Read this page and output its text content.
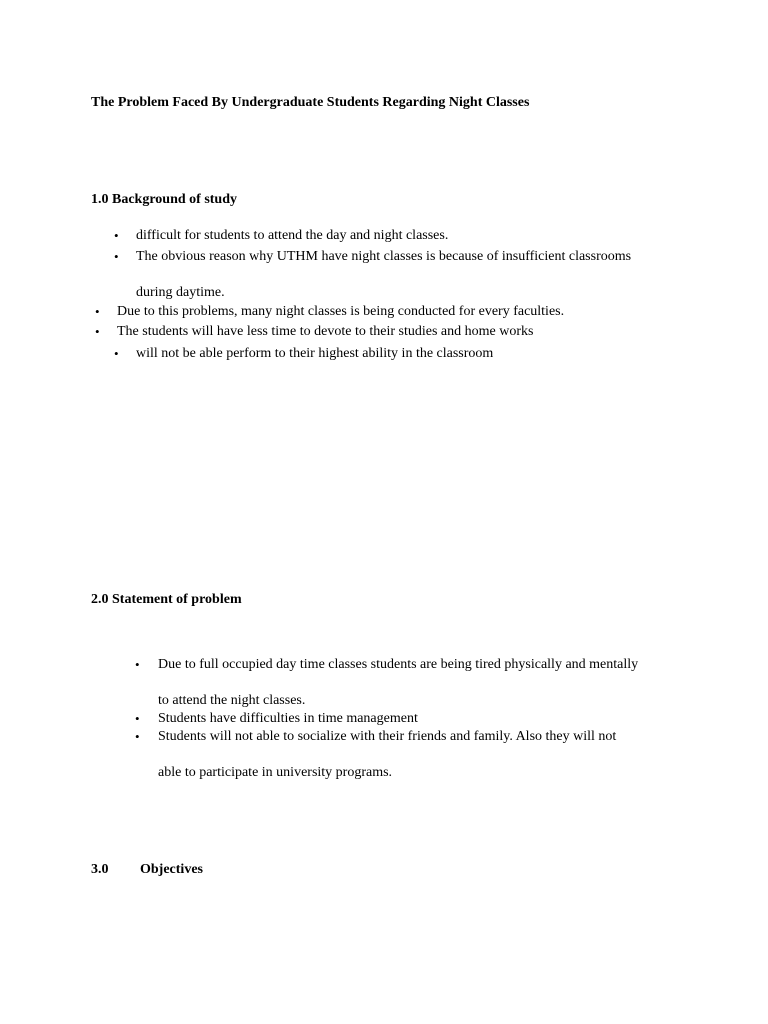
The Problem Faced By Undergraduate Students Regarding Night Classes
1.0 Background of study
• difficult for students to attend the day and night classes.
• The obvious reason why UTHM have night classes is because of insufficient classrooms
during daytime.
• Due to this problems, many night classes is being conducted for every faculties.
• The students will have less time to devote to their studies and home works
• will not be able perform to their highest ability in the classroom
2.0 Statement of problem
• Due to full occupied day time classes students are being tired physically and mentally
to attend the night classes.
• Students have difficulties in time management
• Students will not able to socialize with their friends and family. Also they will not
able to participate in university programs.
3.0 Objectives
